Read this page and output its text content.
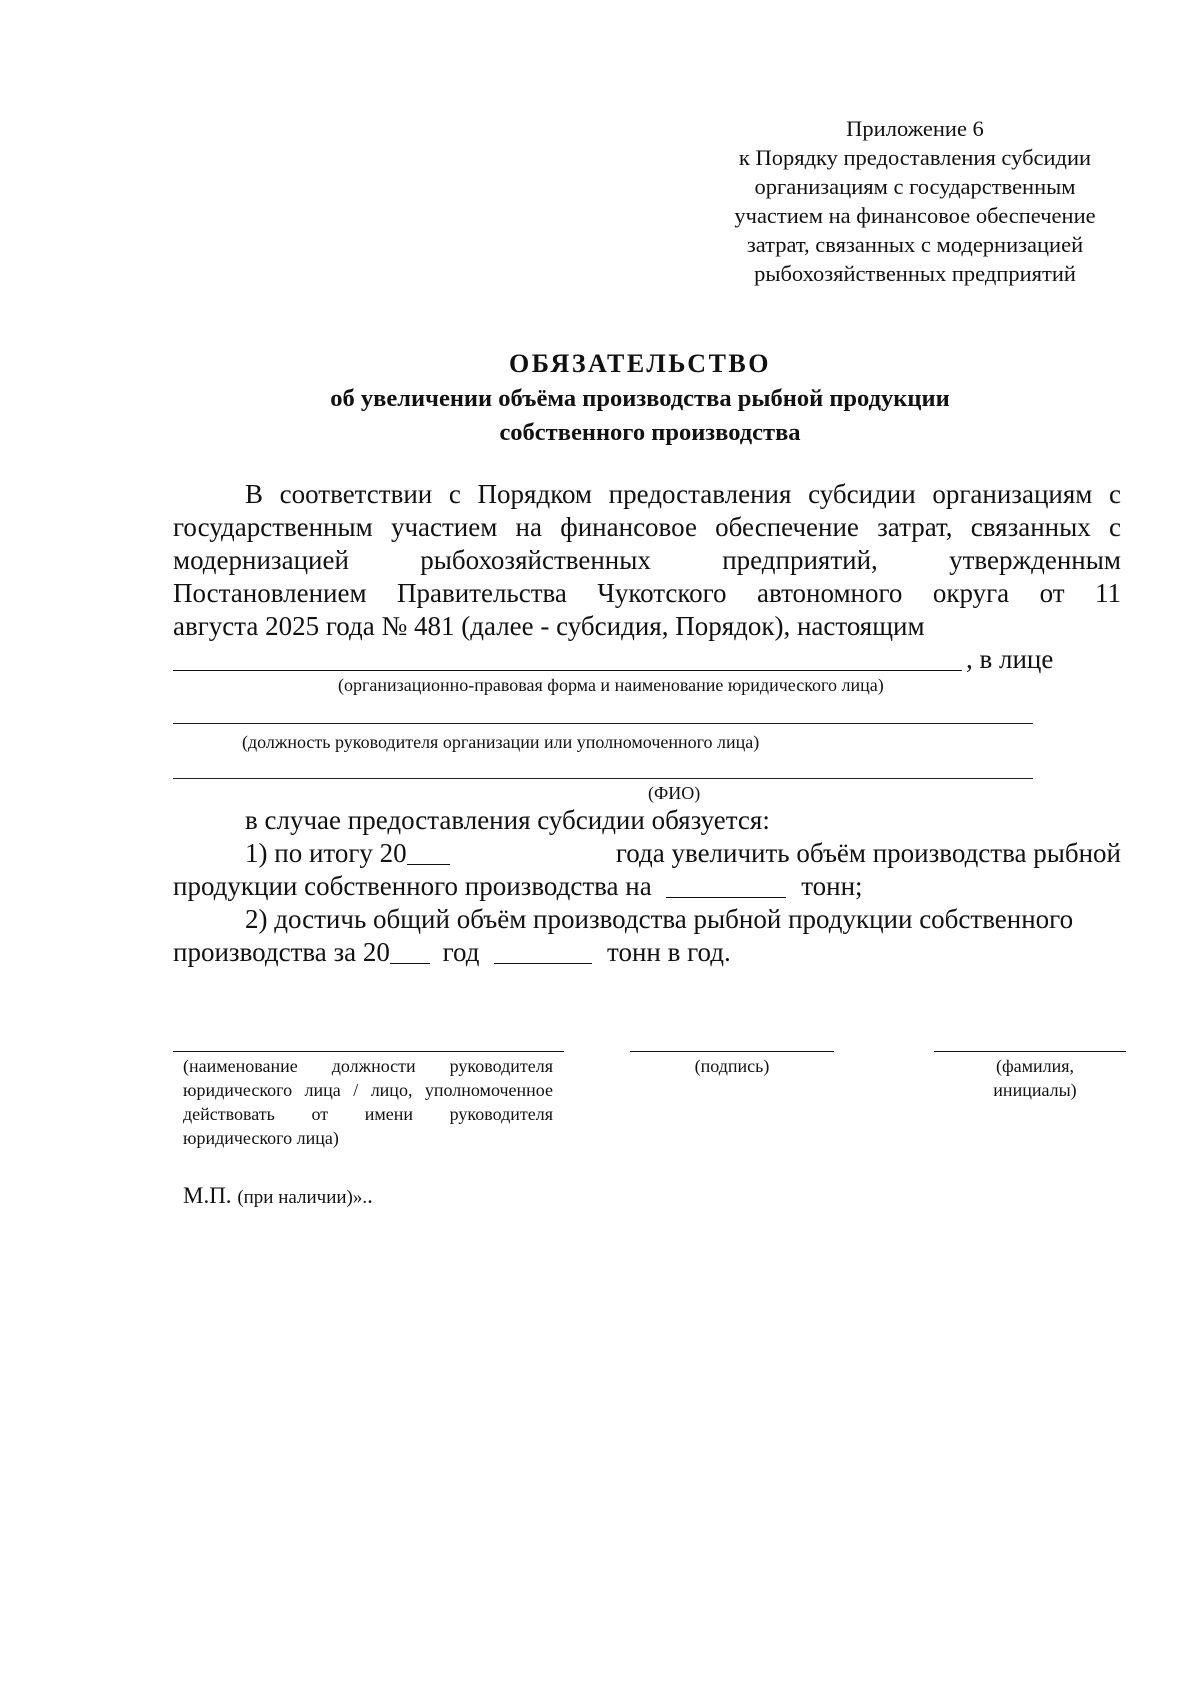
Приложение 6
к Порядку предоставления субсидии
организациям с государственным
участием на финансовое обеспечение
затрат, связанных с модернизацией
рыбохозяйственных предприятий
ОБЯЗАТЕЛЬСТВО
об увеличении объёма производства рыбной продукции
собственного производства
В соответствии с Порядком предоставления субсидии организациям с
государственным участием на финансовое обеспечение затрат, связанных с
модернизацией рыбохозяйственных предприятий, утвержденным
Постановлением Правительства Чукотского автономного округа от 11
августа 2025 года № 481 (далее - субсидия, Порядок), настоящим
, в лице
(организационно-правовая форма и наименование юридического лица)
(должность руководителя организации или уполномоченного лица)
(ФИО)
в случае предоставления субсидии обязуется:
1) по итогу 20	года увеличить объём производства рыбной
продукции собственного производства на	тонн;
2) достичь общий объём производства рыбной продукции собственного
производства за 20 год	тонн в год.
(наименование должности руководителя юридического лица / лицо, уполномоченное действовать от имени руководителя юридического лица)
(подпись)	(фамилия,
инициалы)
М.П. (при наличии)»..
